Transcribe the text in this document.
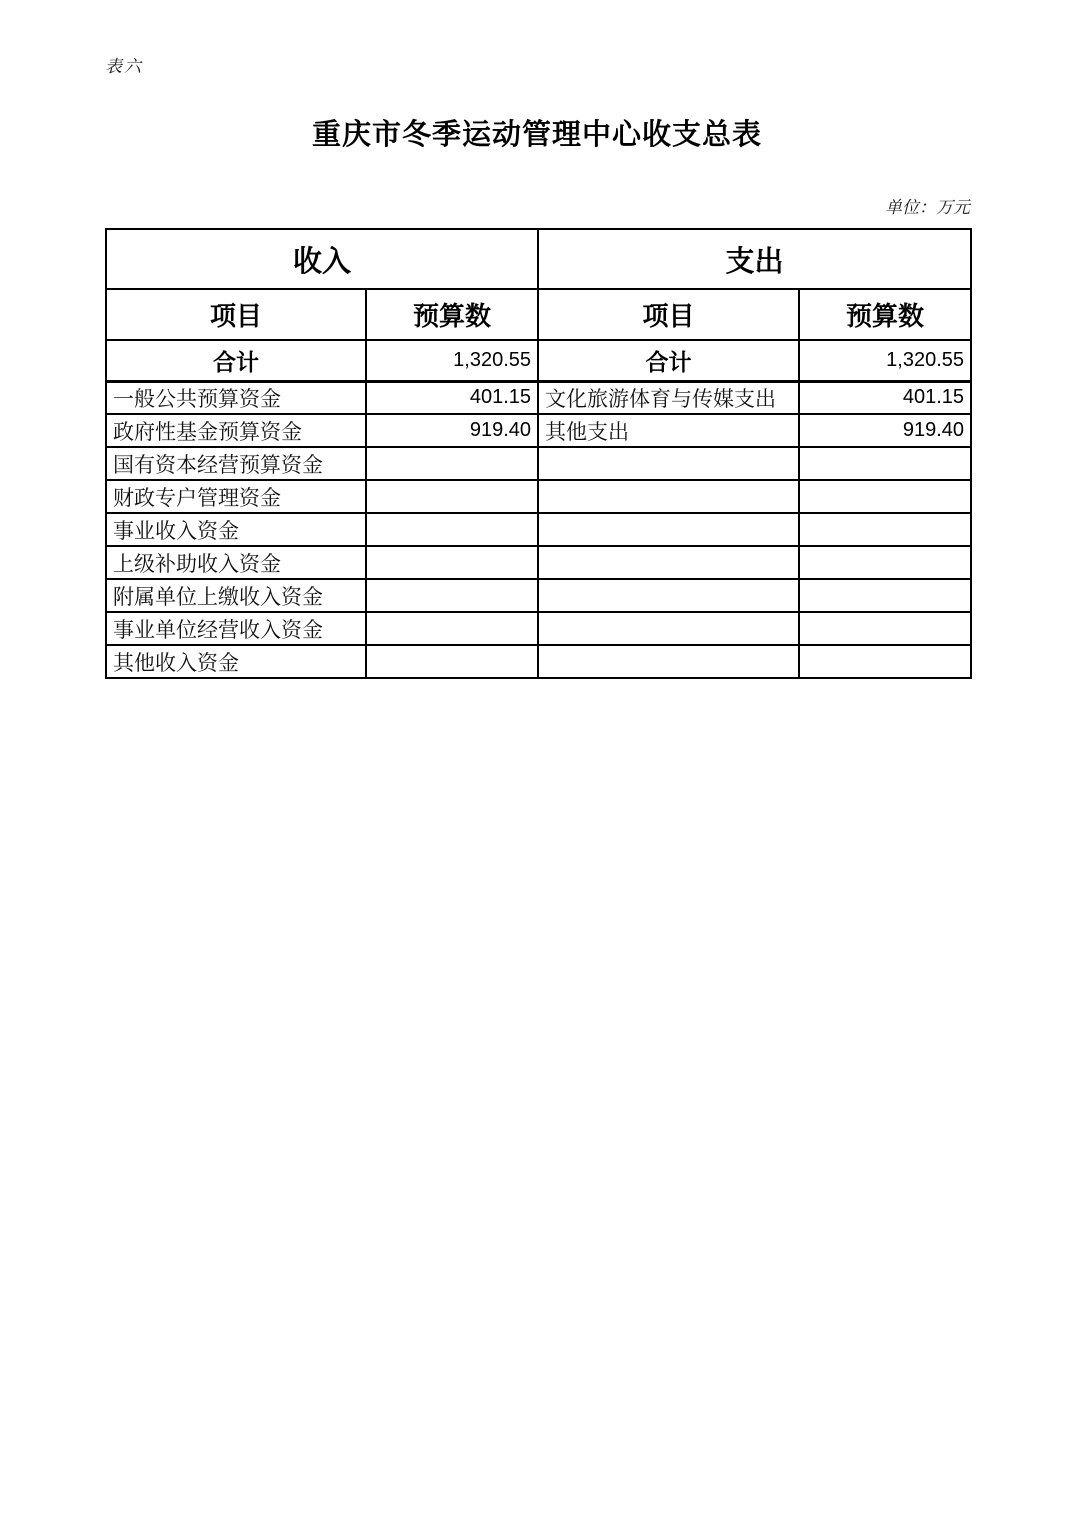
表六
重庆市冬季运动管理中心收支总表
单位：万元
收入		支出	
项目	预算数	项目	预算数
合计	1,320.55	合计	1,320.55
一般公共预算资金	401.15	文化旅游体育与传媒支出	401.15
政府性基金预算资金	919.40	其他支出	919.40
国有资本经营预算资金			
财政专户管理资金			
事业收入资金			
上级补助收入资金			
附属单位上缴收入资金			
事业单位经营收入资金			
其他收入资金			
